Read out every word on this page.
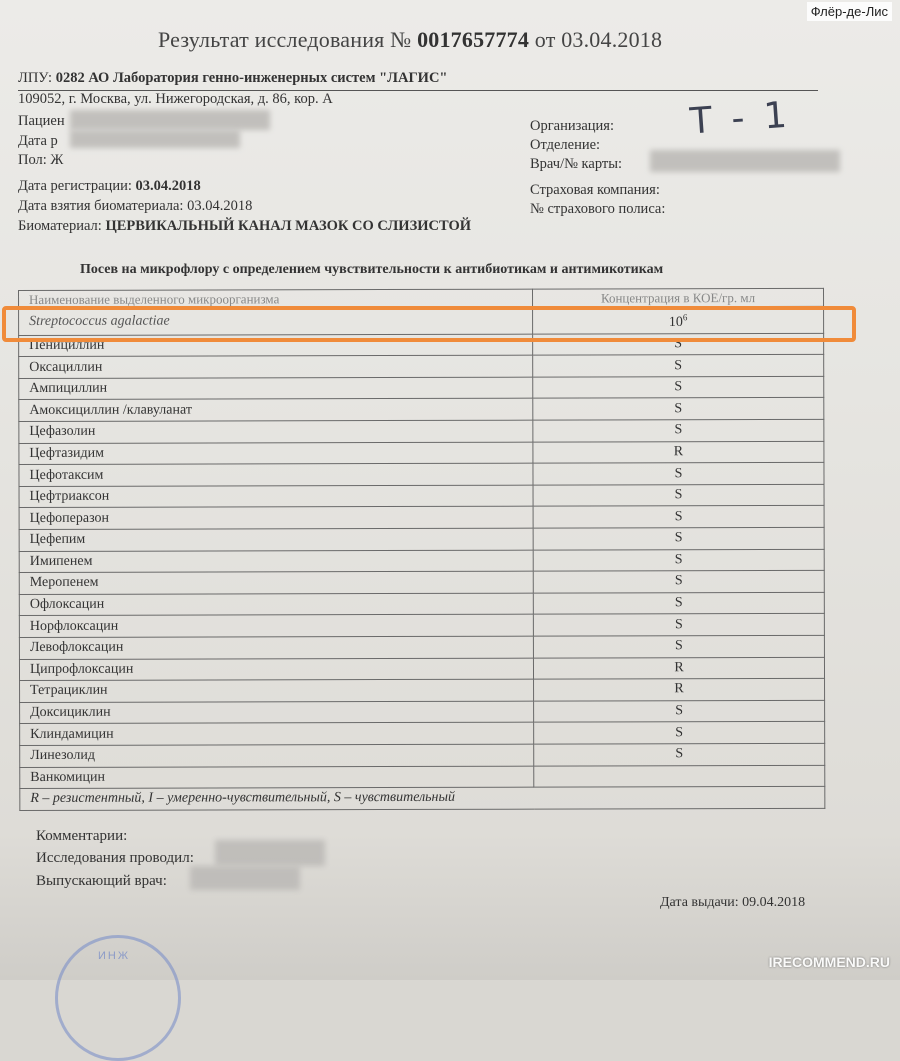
Флёр-де-Лис
Результат исследования № 0017657774 от 03.04.2018
ЛПУ: 0282 АО Лаборатория генно-инженерных систем "ЛАГИС"
109052, г. Москва, ул. Нижегородская, д. 86, кор. А
Пациен
Дата р
Пол: Ж
Дата регистрации: 03.04.2018
Дата взятия биоматериала: 03.04.2018
Биоматериал: ЦЕРВИКАЛЬНЫЙ КАНАЛ МАЗОК СО СЛИЗИСТОЙ
Организация:
Отделение:
Врач/№ карты:
Страховая компания:
№ страхового полиса:
Т - 1
Посев на микрофлору с определением чувствительности к антибиотикам и антимикотикам
Наименование выделенного микроорганизма	Концентрация в КОЕ/гр. мл
Streptococcus agalactiae	$10^6$
Пенициллин	S
Оксациллин	S
Ампициллин	S
Амоксициллин /клавуланат	S
Цефазолин	S
Цефтазидим	R
Цефотаксим	S
Цефтриаксон	S
Цефоперазон	S
Цефепим	S
Имипенем	S
Меропенем	S
Офлоксацин	S
Норфлоксацин	S
Левофлоксацин	S
Ципрофлоксацин	R
Тетрациклин	R
Доксициклин	S
Клиндамицин	S
Линезолид	S
Ванкомицин	
R – резистентный, I – умеренно-чувствительный, S – чувствительный	
Комментарии:
Исследования проводил:
Выпускающий врач:
Дата выдачи: 09.04.2018
ИНЖ	IRECOMMEND.RU
